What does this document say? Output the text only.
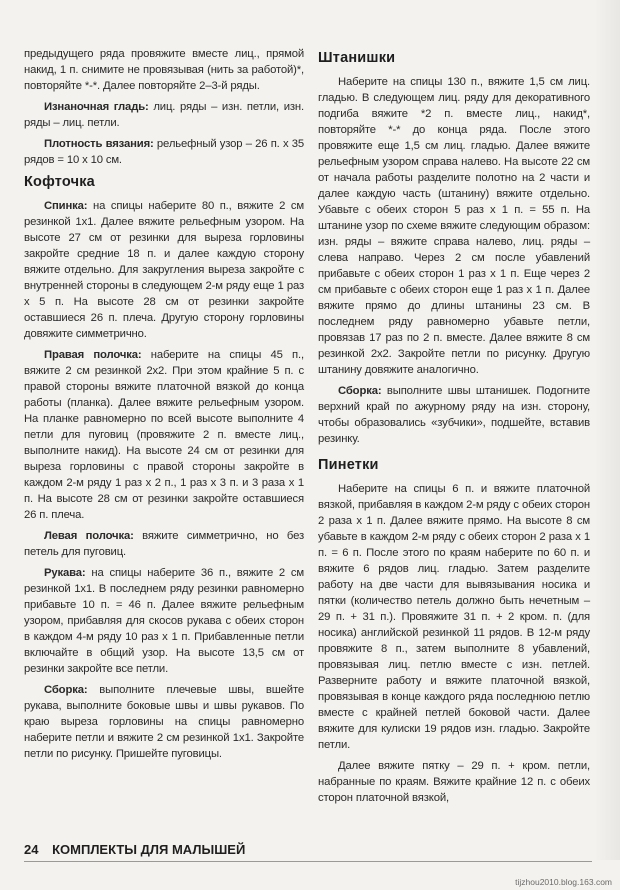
предыдущего ряда провяжите вместе лиц., прямой накид, 1 п. снимите не провязывая (нить за работой)*, повторяйте *-*. Далее повторяйте 2–3-й ряды.

Изнаночная гладь: лиц. ряды – изн. петли, изн. ряды – лиц. петли.

Плотность вязания: рельефный узор – 26 п. х 35 рядов = 10 х 10 см.

Кофточка

Спинка: на спицы наберите 80 п., вяжите 2 см резинкой 1х1. Далее вяжите рельефным узором. На высоте 27 см от резинки для выреза горловины закройте средние 18 п. и далее каждую сторону вяжите отдельно. Для закругления выреза закройте с внутренней стороны в следующем 2-м ряду еще 1 раз х 5 п. На высоте 28 см от резинки закройте оставшиеся 26 п. плеча. Другую сторону горловины довяжите симметрично.

Правая полочка: наберите на спицы 45 п., вяжите 2 см резинкой 2х2. При этом крайние 5 п. с правой стороны вяжите платочной вязкой до конца работы (планка). Далее вяжите рельефным узором. На планке равномерно по всей высоте выполните 4 петли для пуговиц (провяжите 2 п. вместе лиц., выполните накид). На высоте 24 см от резинки для выреза горловины с правой стороны закройте в каждом 2-м ряду 1 раз х 2 п., 1 раз х 3 п. и 3 раза х 1 п. На высоте 28 см от резинки закройте оставшиеся 26 п. плеча.

Левая полочка: вяжите симметрично, но без петель для пуговиц.

Рукава: на спицы наберите 36 п., вяжите 2 см резинкой 1х1. В последнем ряду резинки равномерно прибавьте 10 п. = 46 п. Далее вяжите рельефным узором, прибавляя для скосов рукава с обеих сторон в каждом 4-м ряду 10 раз х 1 п. Прибавленные петли включайте в общий узор. На высоте 13,5 см от резинки закройте все петли.

Сборка: выполните плечевые швы, вшейте рукава, выполните боковые швы и швы рукавов. По краю выреза горловины на спицы равномерно наберите петли и вяжите 2 см резинкой 1х1. Закройте петли по рисунку. Пришейте пуговицы.

Штанишки

Наберите на спицы 130 п., вяжите 1,5 см лиц. гладью. В следующем лиц. ряду для декоративного подгиба вяжите *2 п. вместе лиц., накид*, повторяйте *-* до конца ряда. После этого провяжите еще 1,5 см лиц. гладью. Далее вяжите рельефным узором справа налево. На высоте 22 см от начала работы разделите полотно на 2 части и далее каждую часть (штанину) вяжите отдельно. Убавьте с обеих сторон 5 раз х 1 п. = 55 п. На штанине узор по схеме вяжите следующим образом: изн. ряды – вяжите справа налево, лиц. ряды – слева направо. Через 2 см после убавлений прибавьте с обеих сторон 1 раз х 1 п. Еще через 2 см прибавьте с обеих сторон еще 1 раз х 1 п. Далее вяжите прямо до длины штанины 23 см. В последнем ряду равномерно убавьте петли, провязав 17 раз по 2 п. вместе. Далее вяжите 8 см резинкой 2х2. Закройте петли по рисунку. Другую штанину довяжите аналогично.

Сборка: выполните швы штанишек. Подогните верхний край по ажурному ряду на изн. сторону, чтобы образовались «зубчики», подшейте, вставив резинку.

Пинетки

Наберите на спицы 6 п. и вяжите платочной вязкой, прибавляя в каждом 2-м ряду с обеих сторон 2 раза х 1 п. Далее вяжите прямо. На высоте 8 см убавьте в каждом 2-м ряду с обеих сторон 2 раза х 1 п. = 6 п. После этого по краям наберите по 60 п. и вяжите 6 рядов лиц. гладью. Затем разделите работу на две части для вывязывания носика и пятки (количество петель должно быть нечетным – 29 п. + 31 п.). Провяжите 31 п. + 2 кром. п. (для носика) английской резинкой 11 рядов. В 12-м ряду провяжите 8 п., затем выполните 8 убавлений, провязывая лиц. петлю вместе с изн. петлей. Разверните работу и вяжите платочной вязкой, провязывая в конце каждого ряда последнюю петлю вместе с крайней петлей боковой части. Далее вяжите для кулиски 19 рядов изн. гладью. Закройте петли.

Далее вяжите пятку – 29 п. + кром. петли, набранные по краям. Вяжите крайние 12 п. с обеих сторон платочной вязкой,

24 КОМПЛЕКТЫ ДЛЯ МАЛЫШЕЙ
tijzhou2010.blog.163.com
